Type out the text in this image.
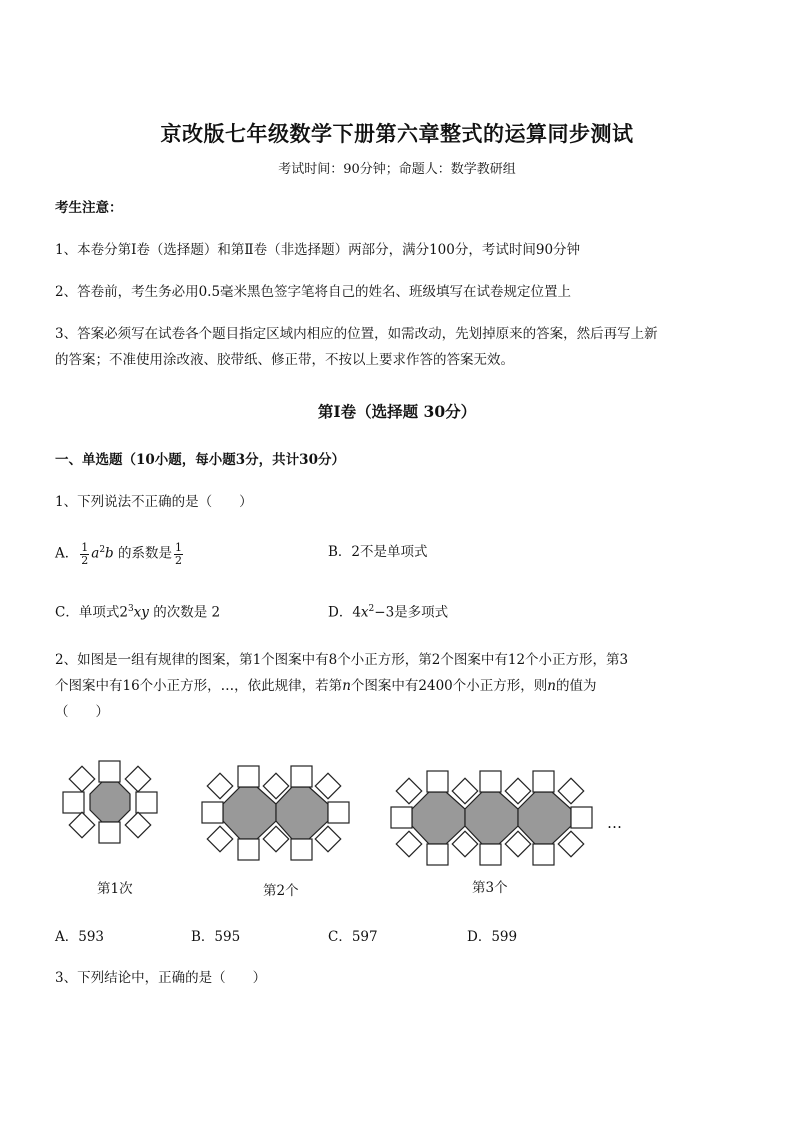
京改版七年级数学下册第六章整式的运算同步测试
考试时间：90分钟；命题人：数学教研组
考生注意：
1、本卷分第Ⅰ卷（选择题）和第Ⅱ卷（非选择题）两部分，满分100分，考试时间90分钟
2、答卷前，考生务必用0.5毫米黑色签字笔将自己的姓名、班级填写在试卷规定位置上
3、答案必须写在试卷各个题目指定区域内相应的位置，如需改动，先划掉原来的答案，然后再写上新
的答案；不准使用涂改液、胶带纸、修正带，不按以上要求作答的答案无效。
第Ⅰ卷（选择题 30分）
一、单选题（10小题，每小题3分，共计30分）
1、下列说法不正确的是（　　）
A． $\frac{1}{2} a^2b$ 的系数是 $\frac{1}{2}$	B．2不是单项式
C．单项式$2^3xy$ 的次数是 2	D．$4x^2-3$是多项式
2、如图是一组有规律的图案，第1个图案中有8个小正方形，第2个图案中有12个小正方形，第3
个图案中有16个小正方形，…，依此规律，若第n个图案中有2400个小正方形，则n的值为
（　　）
…
第1次	第2个	第3个
A．593	B．595	C．597	D．599
3、下列结论中，正确的是（　　）
